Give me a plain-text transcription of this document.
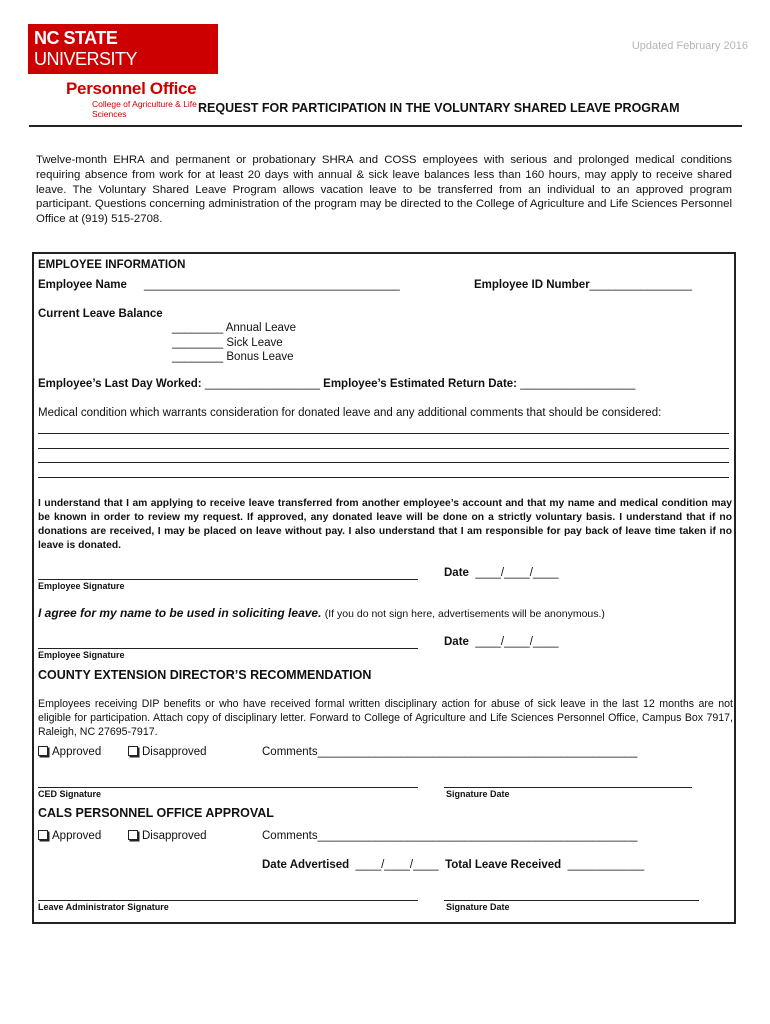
NC STATE UNIVERSITY
Personnel Office
College of Agriculture & Life Sciences
Updated February 2016
REQUEST FOR PARTICIPATION IN THE VOLUNTARY SHARED LEAVE PROGRAM
Twelve-month EHRA and permanent or probationary SHRA and COSS employees with serious and prolonged medical conditions requiring absence from work for at least 20 days with annual & sick leave balances less than 160 hours, may apply to receive shared leave. The Voluntary Shared Leave Program allows vacation leave to be transferred from an individual to an approved program participant. Questions concerning administration of the program may be directed to the College of Agriculture and Life Sciences Personnel Office at (919) 515-2708.
EMPLOYEE INFORMATION
Employee Name ________________________________________	Employee ID Number________________
Current Leave Balance
________ Annual Leave
________ Sick Leave
________ Bonus Leave
Employee’s Last Day Worked: __________________ Employee’s Estimated Return Date: __________________
Medical condition which warrants consideration for donated leave and any additional comments that should be considered:
I understand that I am applying to receive leave transferred from another employee’s account and that my name and medical condition may be known in order to review my request. If approved, any donated leave will be done on a strictly voluntary basis. I understand that if no donations are received, I may be placed on leave without pay. I also understand that I am responsible for pay back of leave time taken if no leave is donated.
Employee Signature
Date ____/____/____
I agree for my name to be used in soliciting leave. (If you do not sign here, advertisements will be anonymous.)
Employee Signature
Date ____/____/____
COUNTY EXTENSION DIRECTOR’S RECOMMENDATION
Employees receiving DIP benefits or who have received formal written disciplinary action for abuse of sick leave in the last 12 months are not eligible for participation. Attach copy of disciplinary letter. Forward to College of Agriculture and Life Sciences Personnel Office, Campus Box 7917, Raleigh, NC 27695-7917.
Approved	Disapproved	Comments__________________________________________________
CED Signature	Signature Date
CALS PERSONNEL OFFICE APPROVAL
Approved	Disapproved	Comments__________________________________________________
Date Advertised ____/____/____ Total Leave Received ____________
Leave Administrator Signature	Signature Date
